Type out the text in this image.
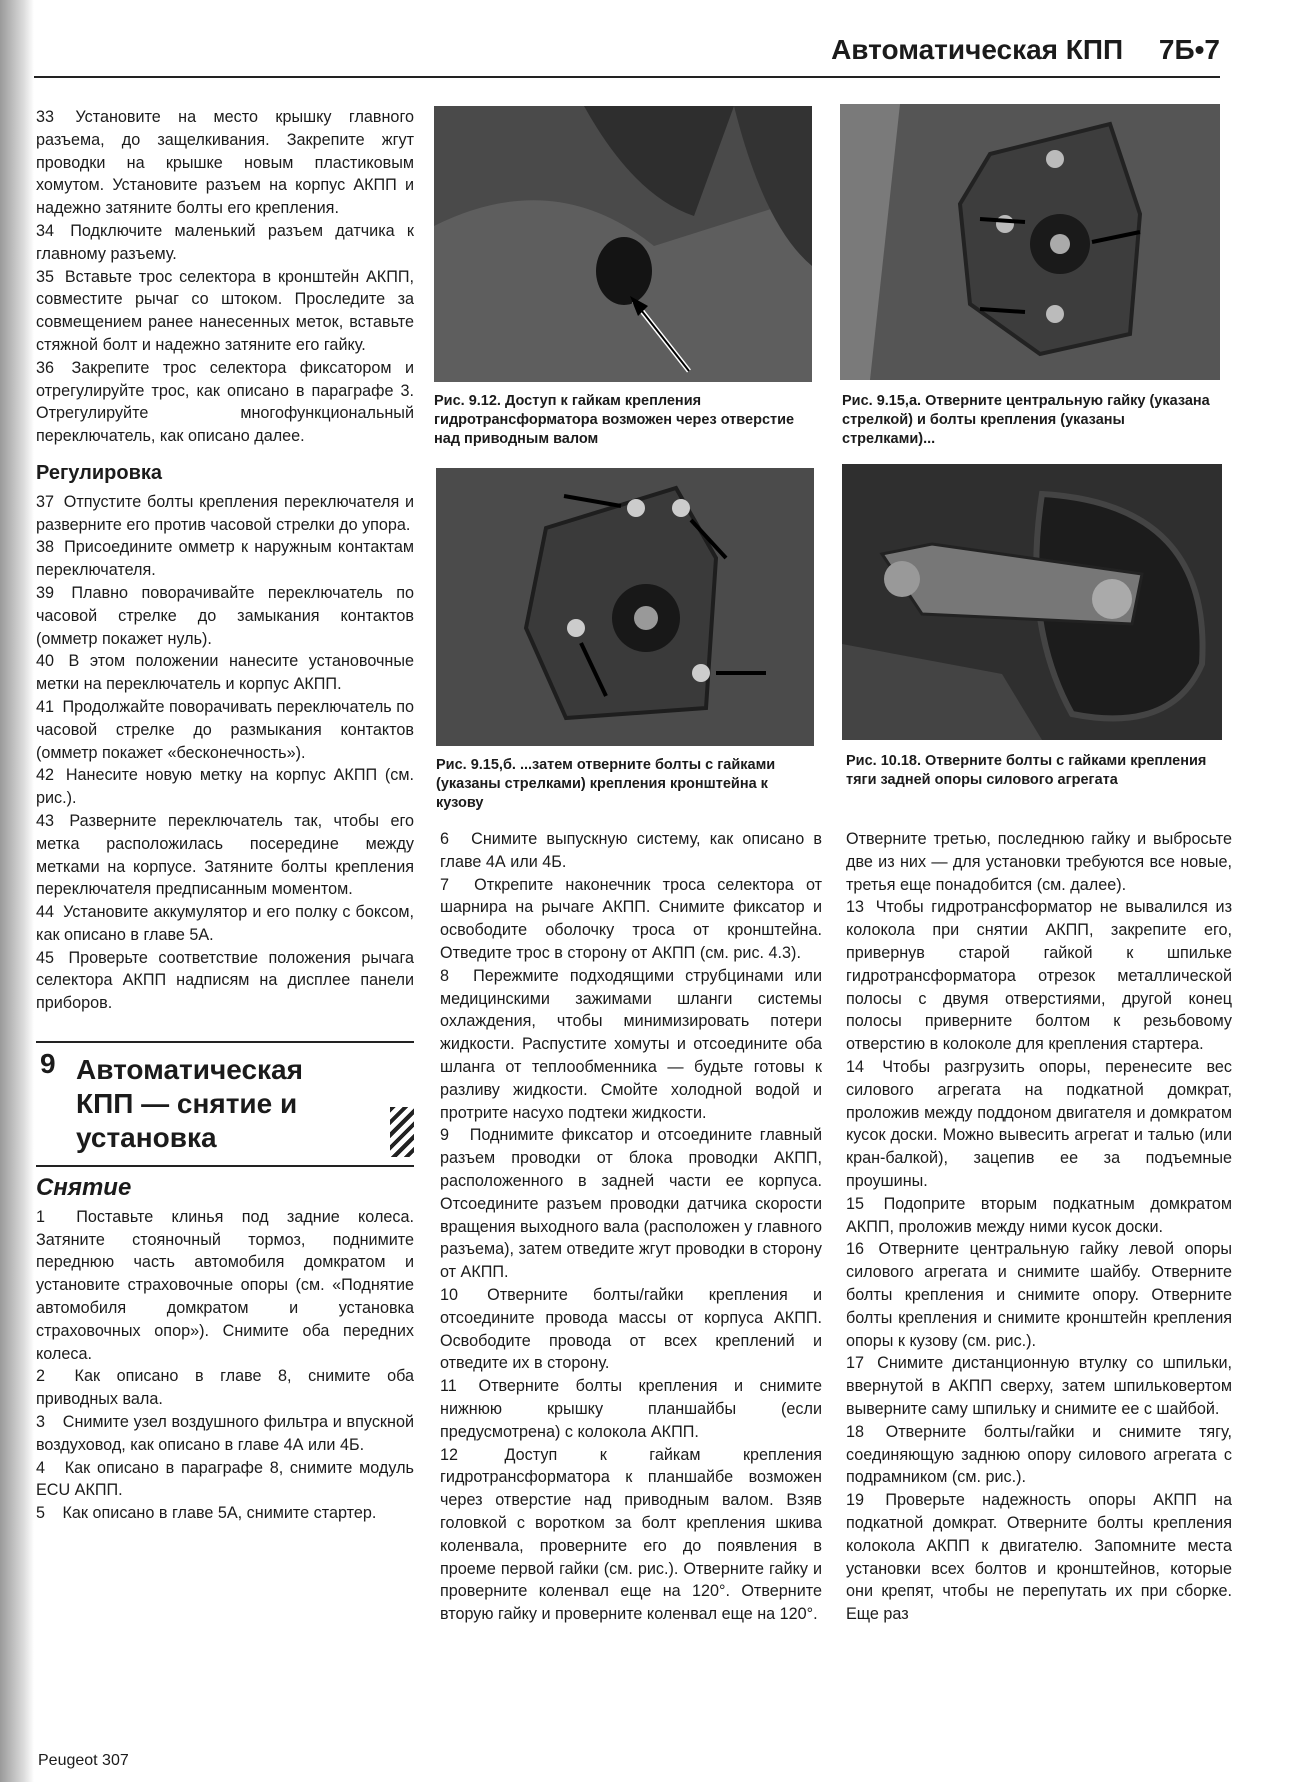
Автоматическая КПП 7Б•7

33 Установите на место крышку главного разъема, до защелкивания. Закрепите жгут проводки на крышке новым пластиковым хомутом. Установите разъем на корпус АКПП и надежно затяните болты его крепления.

34 Подключите маленький разъем датчика к главному разъему.

35 Вставьте трос селектора в кронштейн АКПП, совместите рычаг со штоком. Проследите за совмещением ранее нанесенных меток, вставьте стяжной болт и надежно затяните его гайку.

36 Закрепите трос селектора фиксатором и отрегулируйте трос, как описано в параграфе 3. Отрегулируйте многофункциональный переключатель, как описано далее.

Регулировка

37 Отпустите болты крепления переключателя и разверните его против часовой стрелки до упора.

38 Присоедините омметр к наружным контактам переключателя.

39 Плавно поворачивайте переключатель по часовой стрелке до замыкания контактов (омметр покажет нуль).

40 В этом положении нанесите установочные метки на переключатель и корпус АКПП.

41 Продолжайте поворачивать переключатель по часовой стрелке до размыкания контактов (омметр покажет «бесконечность»).

42 Нанесите новую метку на корпус АКПП (см. рис.).

43 Разверните переключатель так, чтобы его метка расположилась посередине между метками на корпусе. Затяните болты крепления переключателя предписанным моментом.

44 Установите аккумулятор и его полку с боксом, как описано в главе 5А.

45 Проверьте соответствие положения рычага селектора АКПП надписям на дисплее панели приборов.

9 Автоматическая КПП — снятие и установка
Снятие

1 Поставьте клинья под задние колеса. Затяните стояночный тормоз, поднимите переднюю часть автомобиля домкратом и установите страховочные опоры (см. «Поднятие автомобиля домкратом и установка страховочных опор»). Снимите оба передних колеса.

2 Как описано в главе 8, снимите оба приводных вала.

3 Снимите узел воздушного фильтра и впускной воздуховод, как описано в главе 4А или 4Б.

4 Как описано в параграфе 8, снимите модуль ECU АКПП.

5 Как описано в главе 5А, снимите стартер.

Рис. 9.12. Доступ к гайкам крепления гидротрансформатора возможен через отверстие над приводным валом
Рис. 9.15,а. Отверните центральную гайку (указана стрелкой) и болты крепления (указаны стрелками)...
Рис. 9.15,б. ...затем отверните болты с гайками (указаны стрелками) крепления кронштейна к кузову
Рис. 10.18. Отверните болты с гайками крепления тяги задней опоры силового агрегата

6 Снимите выпускную систему, как описано в главе 4А или 4Б.

7 Открепите наконечник троса селектора от шарнира на рычаге АКПП. Снимите фиксатор и освободите оболочку троса от кронштейна. Отведите трос в сторону от АКПП (см. рис. 4.3).

8 Пережмите подходящими струбцинами или медицинскими зажимами шланги системы охлаждения, чтобы минимизировать потери жидкости. Распустите хомуты и отсоедините оба шланга от теплообменника — будьте готовы к разливу жидкости. Смойте холодной водой и протрите насухо подтеки жидкости.

9 Поднимите фиксатор и отсоедините главный разъем проводки от блока проводки АКПП, расположенного в задней части ее корпуса. Отсоедините разъем проводки датчика скорости вращения выходного вала (расположен у главного разъема), затем отведите жгут проводки в сторону от АКПП.

10 Отверните болты/гайки крепления и отсоедините провода массы от корпуса АКПП. Освободите провода от всех креплений и отведите их в сторону.

11 Отверните болты крепления и снимите нижнюю крышку планшайбы (если предусмотрена) с колокола АКПП.

12	Доступ к гайкам крепления гидротрансформатора к планшайбе возможен через отверстие над приводным валом. Взяв головкой с воротком за болт крепления шкива коленвала, проверните его до появления в проеме первой гайки (см. рис.). Отверните гайку и проверните коленвал еще на 120°. Отверните вторую гайку и проверните коленвал еще на 120°.

Отверните третью, последнюю гайку и выбросьте две из них — для установки требуются все новые, третья еще понадобится (см. далее).

13 Чтобы гидротрансформатор не вывалился из колокола при снятии АКПП, закрепите его, привернув старой гайкой к шпильке гидротрансформатора отрезок металлической полосы с двумя отверстиями, другой конец полосы приверните болтом к резьбовому отверстию в колоколе для крепления стартера.

14 Чтобы разгрузить опоры, перенесите вес силового агрегата на подкатной домкрат, проложив между поддоном двигателя и домкратом кусок доски. Можно вывесить агрегат и талью (или кран-балкой), зацепив ее за подъемные проушины.

15 Подоприте вторым подкатным домкратом АКПП, проложив между ними кусок доски.

16 Отверните центральную гайку левой опоры силового агрегата и снимите шайбу. Отверните болты крепления и снимите опору. Отверните болты крепления и снимите кронштейн крепления опоры к кузову (см. рис.).

17 Снимите дистанционную втулку со шпильки, ввернутой в АКПП сверху, затем шпильковертом выверните саму шпильку и снимите ее с шайбой.

18 Отверните болты/гайки и снимите тягу, соединяющую заднюю опору силового агрегата с подрамником (см. рис.).

19 Проверьте надежность опоры АКПП на подкатной домкрат. Отверните болты крепления колокола АКПП к двигателю. Запомните места установки всех болтов и кронштейнов, которые они крепят, чтобы не перепутать их при сборке. Еще раз

Peugeot 307
